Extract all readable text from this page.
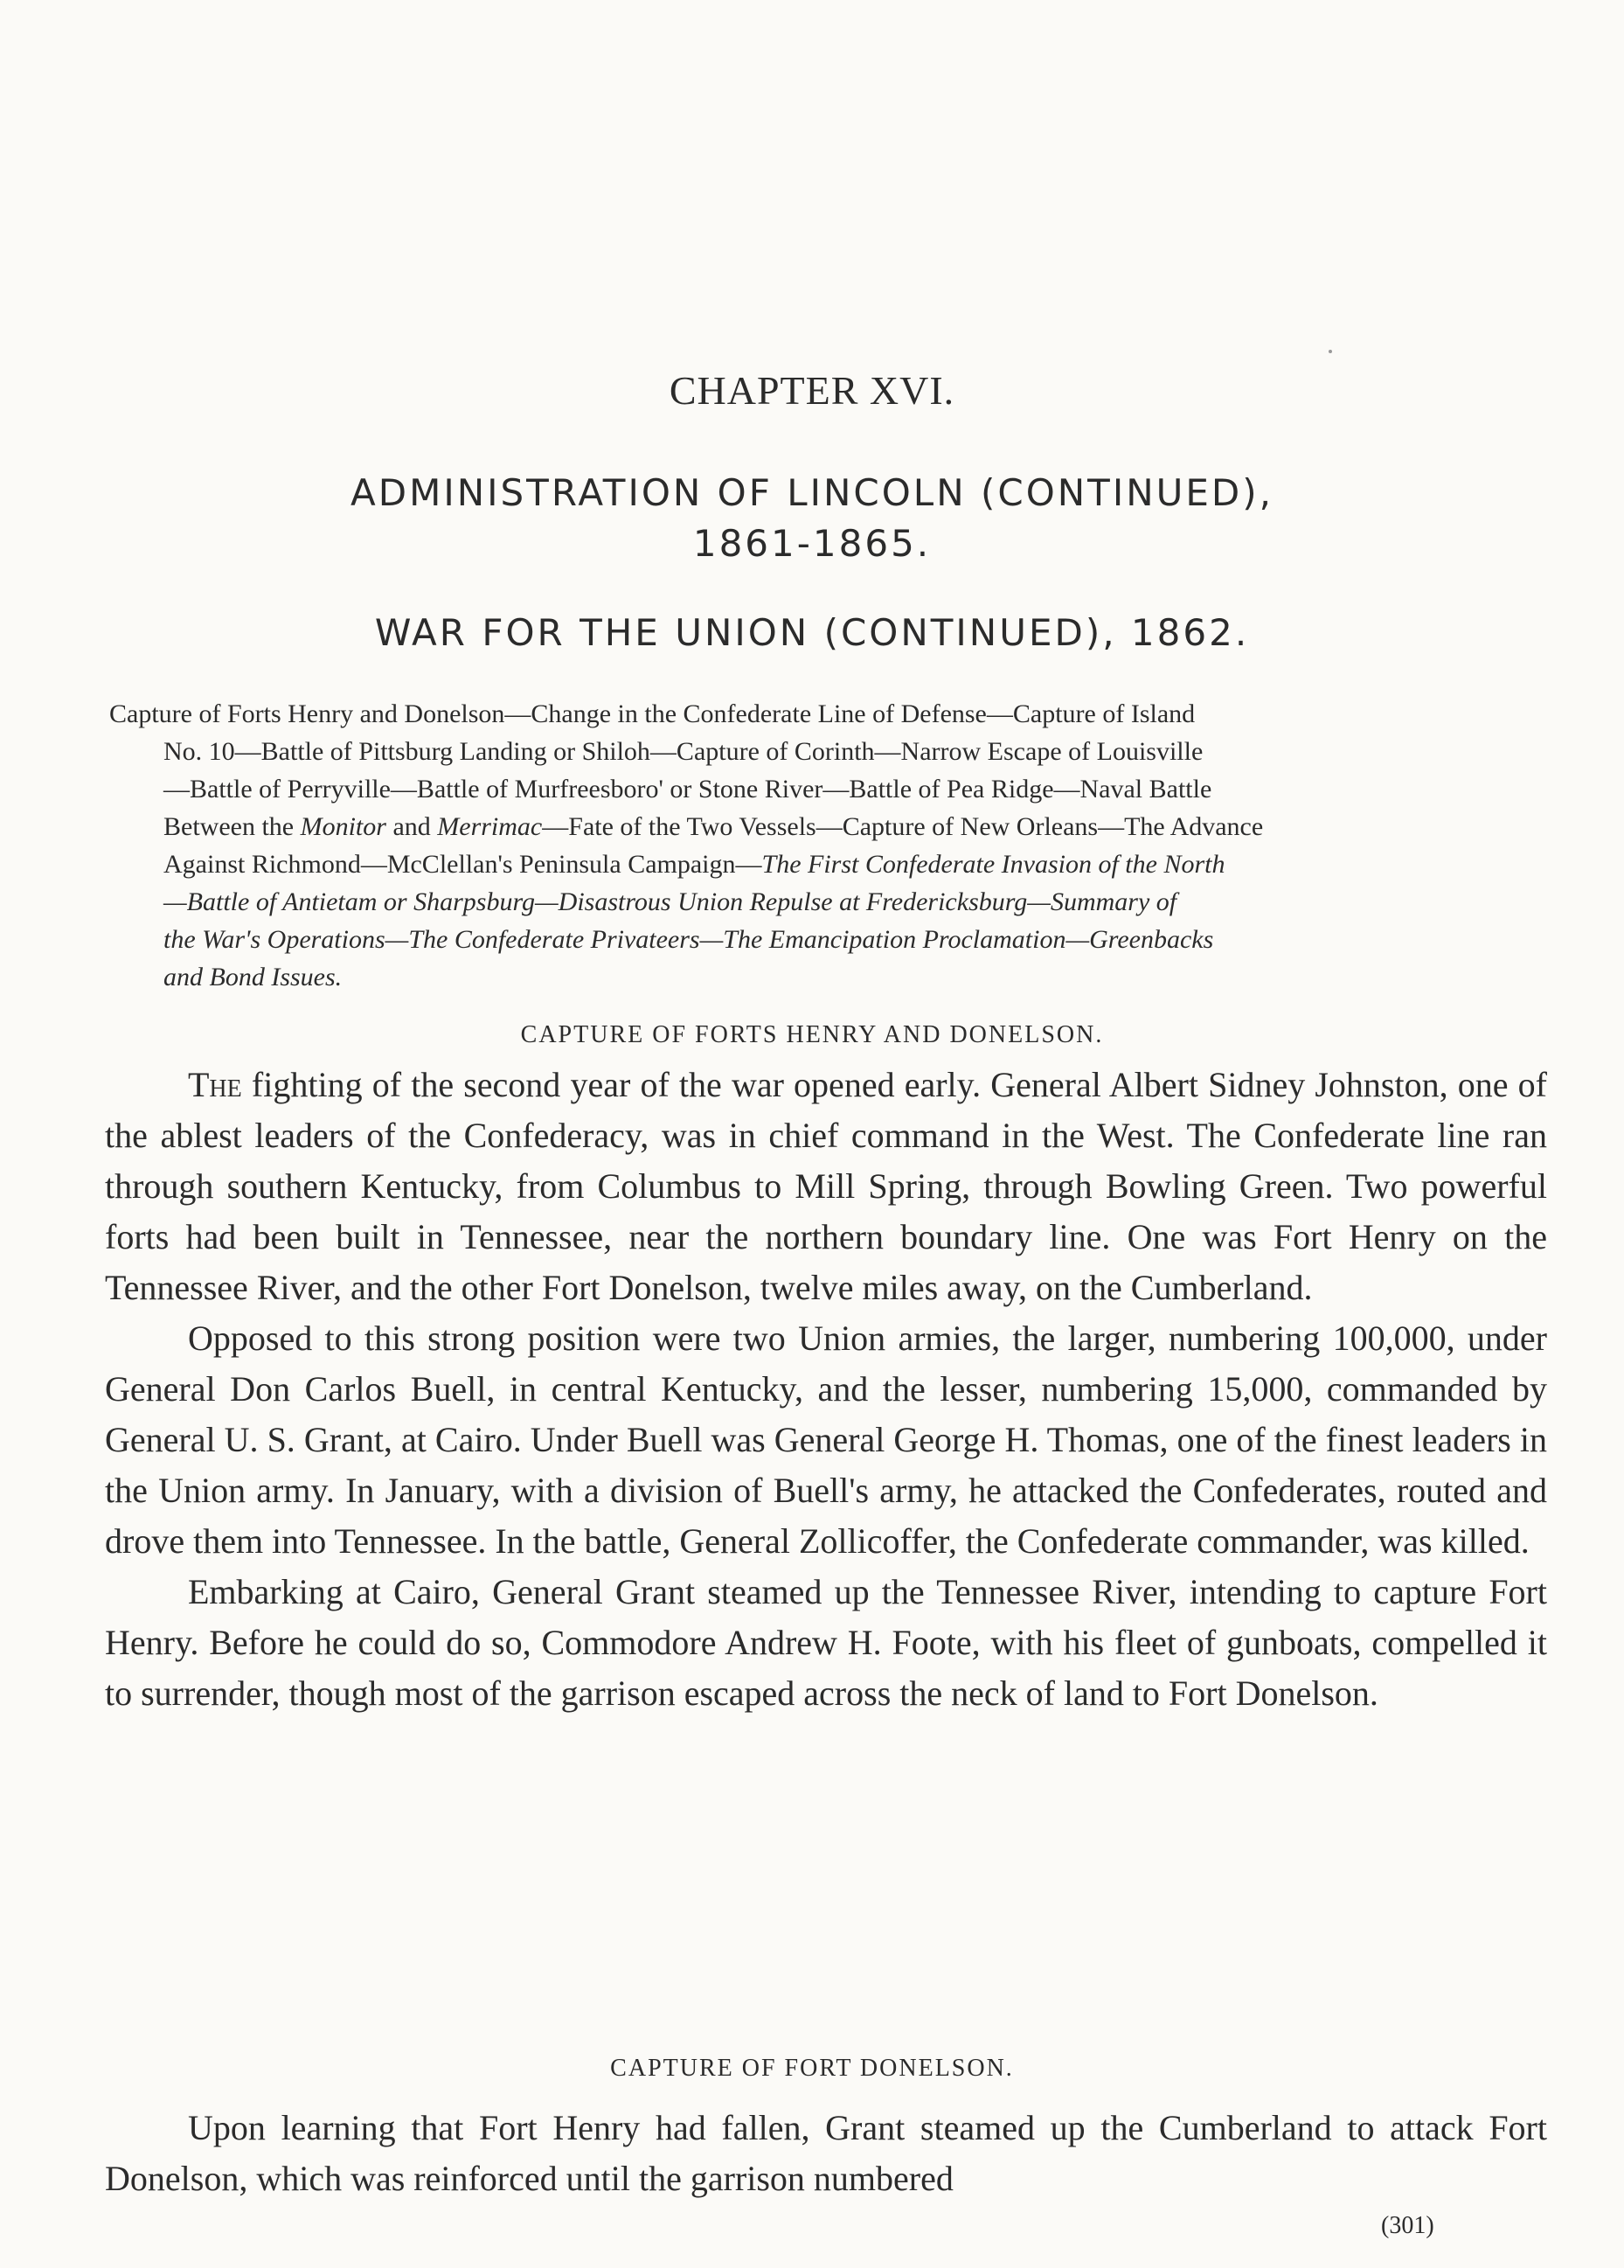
CHAPTER XVI.
ADMINISTRATION OF LINCOLN (CONTINUED),
1861-1865.
WAR FOR THE UNION (CONTINUED), 1862.
Capture of Forts Henry and Donelson—Change in the Confederate Line of Defense—Capture of Island
No. 10—Battle of Pittsburg Landing or Shiloh—Capture of Corinth—Narrow Escape of Louisville
—Battle of Perryville—Battle of Murfreesboro' or Stone River—Battle of Pea Ridge—Naval Battle
Between the Monitor and Merrimac—Fate of the Two Vessels—Capture of New Orleans—The Advance
Against Richmond—McClellan's Peninsula Campaign—The First Confederate Invasion of the North
—Battle of Antietam or Sharpsburg—Disastrous Union Repulse at Fredericksburg—Summary of
the War's Operations—The Confederate Privateers—The Emancipation Proclamation—Greenbacks
and Bond Issues.
CAPTURE OF FORTS HENRY AND DONELSON.

The fighting of the second year of the war opened early. General Albert Sidney Johnston, one of the ablest leaders of the Confederacy, was in chief command in the West. The Confederate line ran through southern Kentucky, from Columbus to Mill Spring, through Bowling Green. Two powerful forts had been built in Tennessee, near the northern boundary line. One was Fort Henry on the Tennessee River, and the other Fort Donelson, twelve miles away, on the Cumberland.

Opposed to this strong position were two Union armies, the larger, numbering 100,000, under General Don Carlos Buell, in central Kentucky, and the lesser, numbering 15,000, commanded by General U. S. Grant, at Cairo. Under Buell was General George H. Thomas, one of the finest leaders in the Union army. In January, with a division of Buell's army, he attacked the Confederates, routed and drove them into Tennessee. In the battle, General Zollicoffer, the Confederate commander, was killed.

Embarking at Cairo, General Grant steamed up the Tennessee River, intending to capture Fort Henry. Before he could do so, Commodore Andrew H. Foote, with his fleet of gunboats, compelled it to surrender, though most of the garrison escaped across the neck of land to Fort Donelson.

CAPTURE OF FORT DONELSON.

Upon learning that Fort Henry had fallen, Grant steamed up the Cumberland to attack Fort Donelson, which was reinforced until the garrison numbered

(301)
